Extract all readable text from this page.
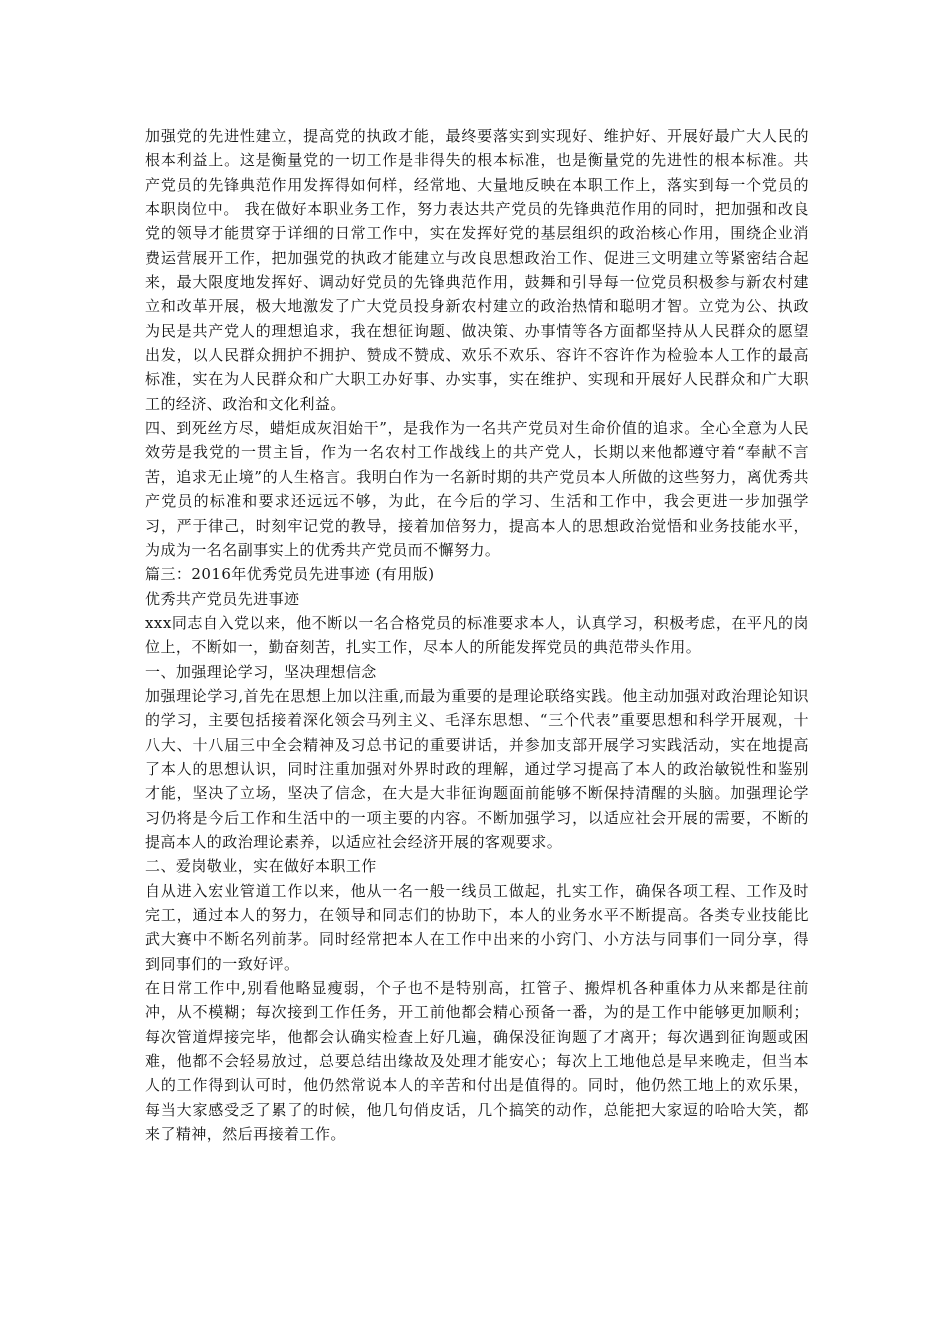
加强党的先进性建立，提高党的执政才能，最终要落实到实现好、维护好、开展好最广大人民的根本利益上。这是衡量党的一切工作是非得失的根本标准，也是衡量党的先进性的根本标准。共产党员的先锋典范作用发挥得如何样，经常地、大量地反映在本职工作上，落实到每一个党员的本职岗位中。 我在做好本职业务工作，努力表达共产党员的先锋典范作用的同时，把加强和改良党的领导才能贯穿于详细的日常工作中，实在发挥好党的基层组织的政治核心作用，围绕企业消费运营展开工作，把加强党的执政才能建立与改良思想政治工作、促进三文明建立等紧密结合起来，最大限度地发挥好、调动好党员的先锋典范作用，鼓舞和引导每一位党员积极参与新农村建立和改革开展，极大地激发了广大党员投身新农村建立的政治热情和聪明才智。立党为公、执政为民是共产党人的理想追求，我在想征询题、做决策、办事情等各方面都坚持从人民群众的愿望出发，以人民群众拥护不拥护、赞成不赞成、欢乐不欢乐、容许不容许作为检验本人工作的最高标准，实在为人民群众和广大职工办好事、办实事，实在维护、实现和开展好人民群众和广大职工的经济、政治和文化利益。

四、到死丝方尽，蜡炬成灰泪始干”，是我作为一名共产党员对生命价值的追求。全心全意为人民效劳是我党的一贯主旨，作为一名农村工作战线上的共产党人，长期以来他都遵守着“奉献不言苦，追求无止境”的人生格言。我明白作为一名新时期的共产党员本人所做的这些努力，离优秀共产党员的标准和要求还远远不够，为此，在今后的学习、生活和工作中，我会更进一步加强学习，严于律己，时刻牢记党的教导，接着加倍努力，提高本人的思想政治觉悟和业务技能水平，为成为一名名副事实上的优秀共产党员而不懈努力。

篇三：2016年优秀党员先进事迹 (有用版)

优秀共产党员先进事迹

xxx同志自入党以来，他不断以一名合格党员的标准要求本人，认真学习，积极考虑，在平凡的岗位上，不断如一，勤奋刻苦，扎实工作，尽本人的所能发挥党员的典范带头作用。

一、加强理论学习，坚决理想信念

加强理论学习,首先在思想上加以注重,而最为重要的是理论联络实践。他主动加强对政治理论知识的学习，主要包括接着深化领会马列主义、毛泽东思想、“三个代表”重要思想和科学开展观，十八大、十八届三中全会精神及习总书记的重要讲话，并参加支部开展学习实践活动，实在地提高了本人的思想认识，同时注重加强对外界时政的理解，通过学习提高了本人的政治敏锐性和鉴别才能，坚决了立场，坚决了信念，在大是大非征询题面前能够不断保持清醒的头脑。加强理论学习仍将是今后工作和生活中的一项主要的内容。不断加强学习，以适应社会开展的需要，不断的提高本人的政治理论素养，以适应社会经济开展的客观要求。

二、爱岗敬业，实在做好本职工作

自从进入宏业管道工作以来，他从一名一般一线员工做起，扎实工作，确保各项工程、工作及时完工，通过本人的努力，在领导和同志们的协助下，本人的业务水平不断提高。各类专业技能比武大赛中不断名列前茅。同时经常把本人在工作中出来的小窍门、小方法与同事们一同分享，得到同事们的一致好评。

在日常工作中,别看他略显瘦弱，个子也不是特别高，扛管子、搬焊机各种重体力从来都是往前冲，从不模糊；每次接到工作任务，开工前他都会精心预备一番，为的是工作中能够更加顺利；每次管道焊接完毕，他都会认确实检查上好几遍，确保没征询题了才离开；每次遇到征询题或困难，他都不会轻易放过，总要总结出缘故及处理才能安心；每次上工地他总是早来晚走，但当本人的工作得到认可时，他仍然常说本人的辛苦和付出是值得的。同时，他仍然工地上的欢乐果，每当大家感受乏了累了的时候，他几句俏皮话，几个搞笑的动作，总能把大家逗的哈哈大笑，都来了精神，然后再接着工作。
